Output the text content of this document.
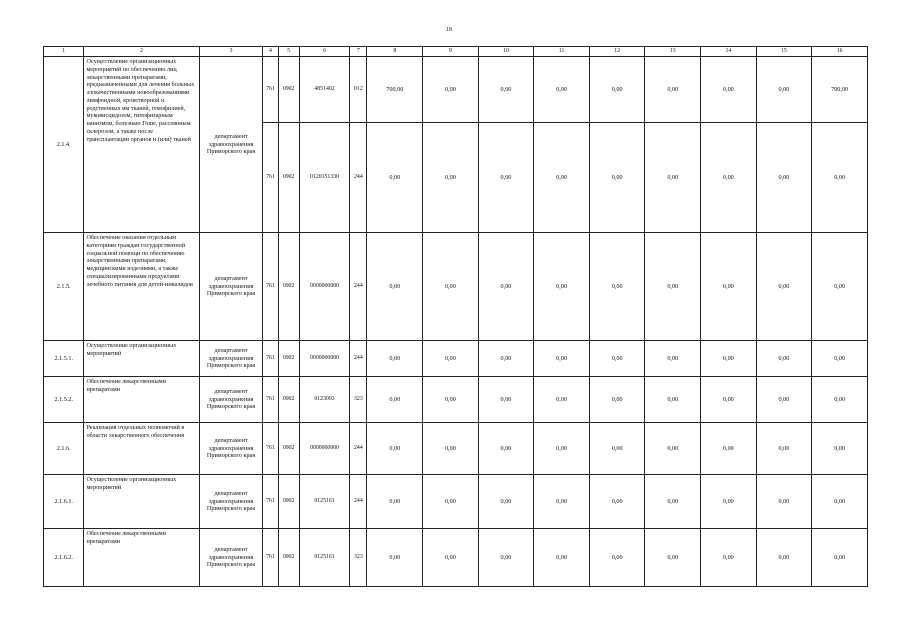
18
1	2	3	4	5	6	7	8	9	10	11	12	13	14	15	16
2.1.4.	Осуществление организационных мероприятий по обеспечению лиц лекарственными препаратами, предназначенными для лечения больных злокачественными новообразованиями лимфоидной, кроветворной и родственных им тканей, гемофилией, муковисцидозом, гипофизарным нанизмом, болезнью Гоше, рассеянным склерозом, а также после трансплантации органов и (или) тканей	департамент здравоохранения Приморского края	761	0902	4851402	012	700,00	0,00	0,00	0,00	0,00	0,00	0,00	0,00	700,00
			761	0902	0120151330	244	0,00	0,00	0,00	0,00	0,00	0,00	0,00	0,00	0,00
2.1.5.	Обеспечение оказания отдельным категориям граждан государственной социальной помощи по обеспечению лекарственными препаратами, медицинскими изделиями, а также специализированными продуктами лечебного питания для детей-инвалидов	департамент здравоохранения Приморского края	761	0902	0000000000	244	0,00	0,00	0,00	0,00	0,00	0,00	0,00	0,00	0,00
2.1.5.1.	Осуществление организационных мероприятий	департамент здравоохранения Приморского края	761	0902	0000000000	244	0,00	0,00	0,00	0,00	0,00	0,00	0,00	0,00	0,00
2.1.5.2.	Обеспечение лекарственными препаратами	департамент здравоохранения Приморского края	761	0902	0123093	323	0,00	0,00	0,00	0,00	0,00	0,00	0,00	0,00	0,00
2.1.6.	Реализация отдельных полномочий в области лекарственного обеспечения	департамент здравоохранения Приморского края	761	0902	0000000000	244	0,00	0,00	0,00	0,00	0,00	0,00	0,00	0,00	0,00
2.1.6.1.	Осуществление организационных мероприятий	департамент здравоохранения Приморского края	761	0902	0125161	244	0,00	0,00	0,00	0,00	0,00	0,00	0,00	0,00	0,00
2.1.6.2.	Обеспечение лекарственными препаратами	департамент здравоохранения Приморского края	761	0902	0125161	323	0,00	0,00	0,00	0,00	0,00	0,00	0,00	0,00	0,00
